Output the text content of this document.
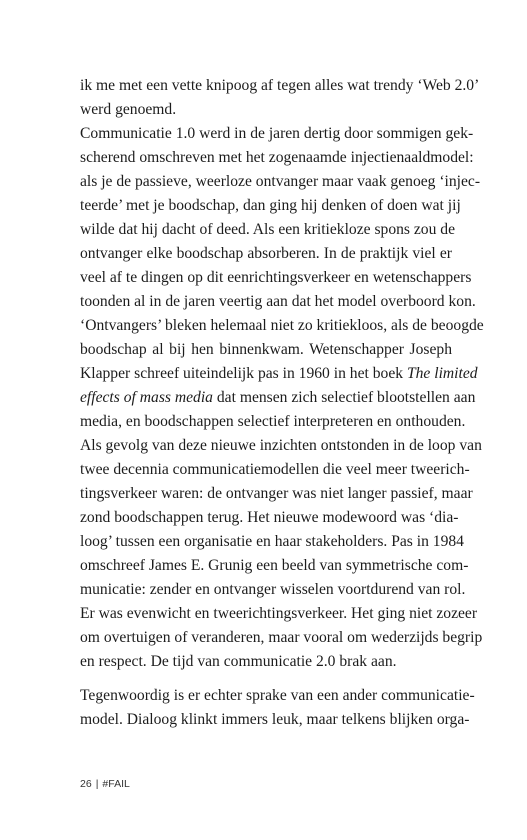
ik me met een vette knipoog af tegen alles wat trendy ‘Web 2.0’
werd genoemd.
Communicatie 1.0 werd in de jaren dertig door sommigen gek-
scherend omschreven met het zogenaamde injectienaaldmodel:
als je de passieve, weerloze ontvanger maar vaak genoeg ‘injec-
teerde’ met je boodschap, dan ging hij denken of doen wat jij
wilde dat hij dacht of deed. Als een kritiekloze spons zou de
ontvanger elke boodschap absorberen. In de praktijk viel er
veel af te dingen op dit eenrichtingsverkeer en wetenschappers
toonden al in de jaren veertig aan dat het model overboord kon.
‘Ontvangers’ bleken helemaal niet zo kritiekloos, als de beoogde
boodschap al bij hen binnenkwam. Wetenschapper Joseph
Klapper schreef uiteindelijk pas in 1960 in het boek The limited
effects of mass media dat mensen zich selectief blootstellen aan
media, en boodschappen selectief interpreteren en onthouden.
Als gevolg van deze nieuwe inzichten ontstonden in de loop van
twee decennia communicatiemodellen die veel meer tweerich-
tingsverkeer waren: de ontvanger was niet langer passief, maar
zond boodschappen terug. Het nieuwe modewoord was ‘dia-
loog’ tussen een organisatie en haar stakeholders. Pas in 1984
omschreef James E. Grunig een beeld van symmetrische com-
municatie: zender en ontvanger wisselen voortdurend van rol.
Er was evenwicht en tweerichtingsverkeer. Het ging niet zozeer
om overtuigen of veranderen, maar vooral om wederzijds begrip
en respect. De tijd van communicatie 2.0 brak aan.
Tegenwoordig is er echter sprake van een ander communicatie-
model. Dialoog klinkt immers leuk, maar telkens blijken orga-
26 | #FAIL
